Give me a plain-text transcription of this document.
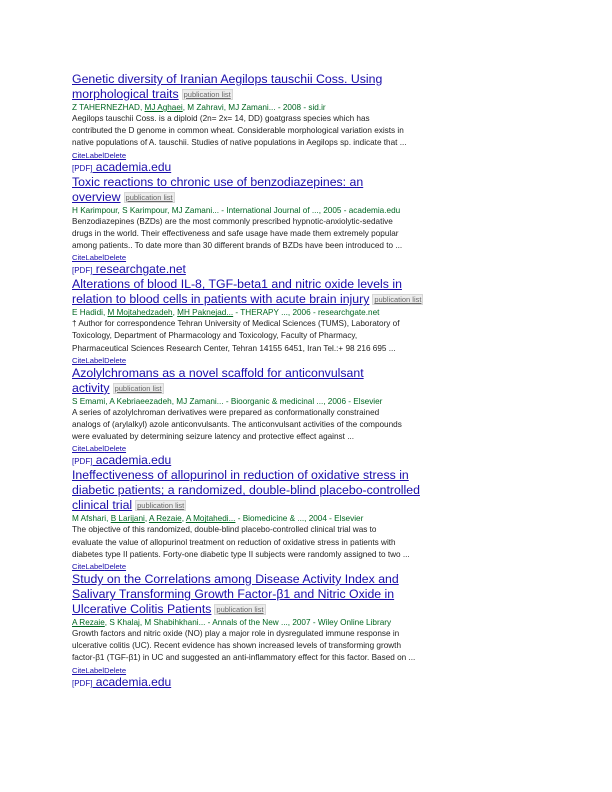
Genetic diversity of Iranian Aegilops tauschii Coss. Using
morphological traits publication list
Z TAHERNEZHAD, MJ Aghaei, M Zahravi, MJ Zamani... - 2008 - sid.ir
Aegilops tauschii Coss. is a diploid (2n= 2x= 14, DD) goatgrass species which has
contributed the D genome in common wheat. Considerable morphological variation exists in
native populations of A. tauschii. Studies of native populations in Aegilops sp. indicate that ...
CiteLabelDelete
[PDF] academia.edu
Toxic reactions to chronic use of benzodiazepines: an
overview publication list
H Karimpour, S Karimpour, MJ Zamani... - International Journal of ..., 2005 - academia.edu
Benzodiazepines (BZDs) are the most commonly prescribed hypnotic-anxiolytic-sedative
drugs in the world. Their effectiveness and safe usage have made them extremely popular
among patients.. To date more than 30 different brands of BZDs have been introduced to ...
CiteLabelDelete
[PDF] researchgate.net
Alterations of blood IL-8, TGF-beta1 and nitric oxide levels in
relation to blood cells in patients with acute brain injury publication list
E Hadidi, M Mojtahedzadeh, MH Paknejad... - THERAPY ..., 2006 - researchgate.net
† Author for correspondence Tehran University of Medical Sciences (TUMS), Laboratory of
Toxicology, Department of Pharmacology and Toxicology, Faculty of Pharmacy,
Pharmaceutical Sciences Research Center, Tehran 14155 6451, Iran Tel.:+ 98 216 695 ...
CiteLabelDelete
Azolylchromans as a novel scaffold for anticonvulsant
activity publication list
S Emami, A Kebriaeezadeh, MJ Zamani... - Bioorganic & medicinal ..., 2006 - Elsevier
A series of azolylchroman derivatives were prepared as conformationally constrained
analogs of (arylalkyl) azole anticonvulsants. The anticonvulsant activities of the compounds
were evaluated by determining seizure latency and protective effect against ...
CiteLabelDelete
[PDF] academia.edu
Ineffectiveness of allopurinol in reduction of oxidative stress in
diabetic patients; a randomized, double-blind placebo-controlled
clinical trial publication list
M Afshari, B Larijani, A Rezaie, A Mojtahedi... - Biomedicine & ..., 2004 - Elsevier
The objective of this randomized, double-blind placebo-controlled clinical trial was to
evaluate the value of allopurinol treatment on reduction of oxidative stress in patients with
diabetes type II patients. Forty-one diabetic type II subjects were randomly assigned to two ...
CiteLabelDelete
Study on the Correlations among Disease Activity Index and
Salivary Transforming Growth Factor-β1 and Nitric Oxide in
Ulcerative Colitis Patients publication list
A Rezaie, S Khalaj, M Shabihkhani... - Annals of the New ..., 2007 - Wiley Online Library
Growth factors and nitric oxide (NO) play a major role in dysregulated immune response in
ulcerative colitis (UC). Recent evidence has shown increased levels of transforming growth
factor-β1 (TGF-β1) in UC and suggested an anti-inflammatory effect for this factor. Based on ...
CiteLabelDelete
[PDF] academia.edu
